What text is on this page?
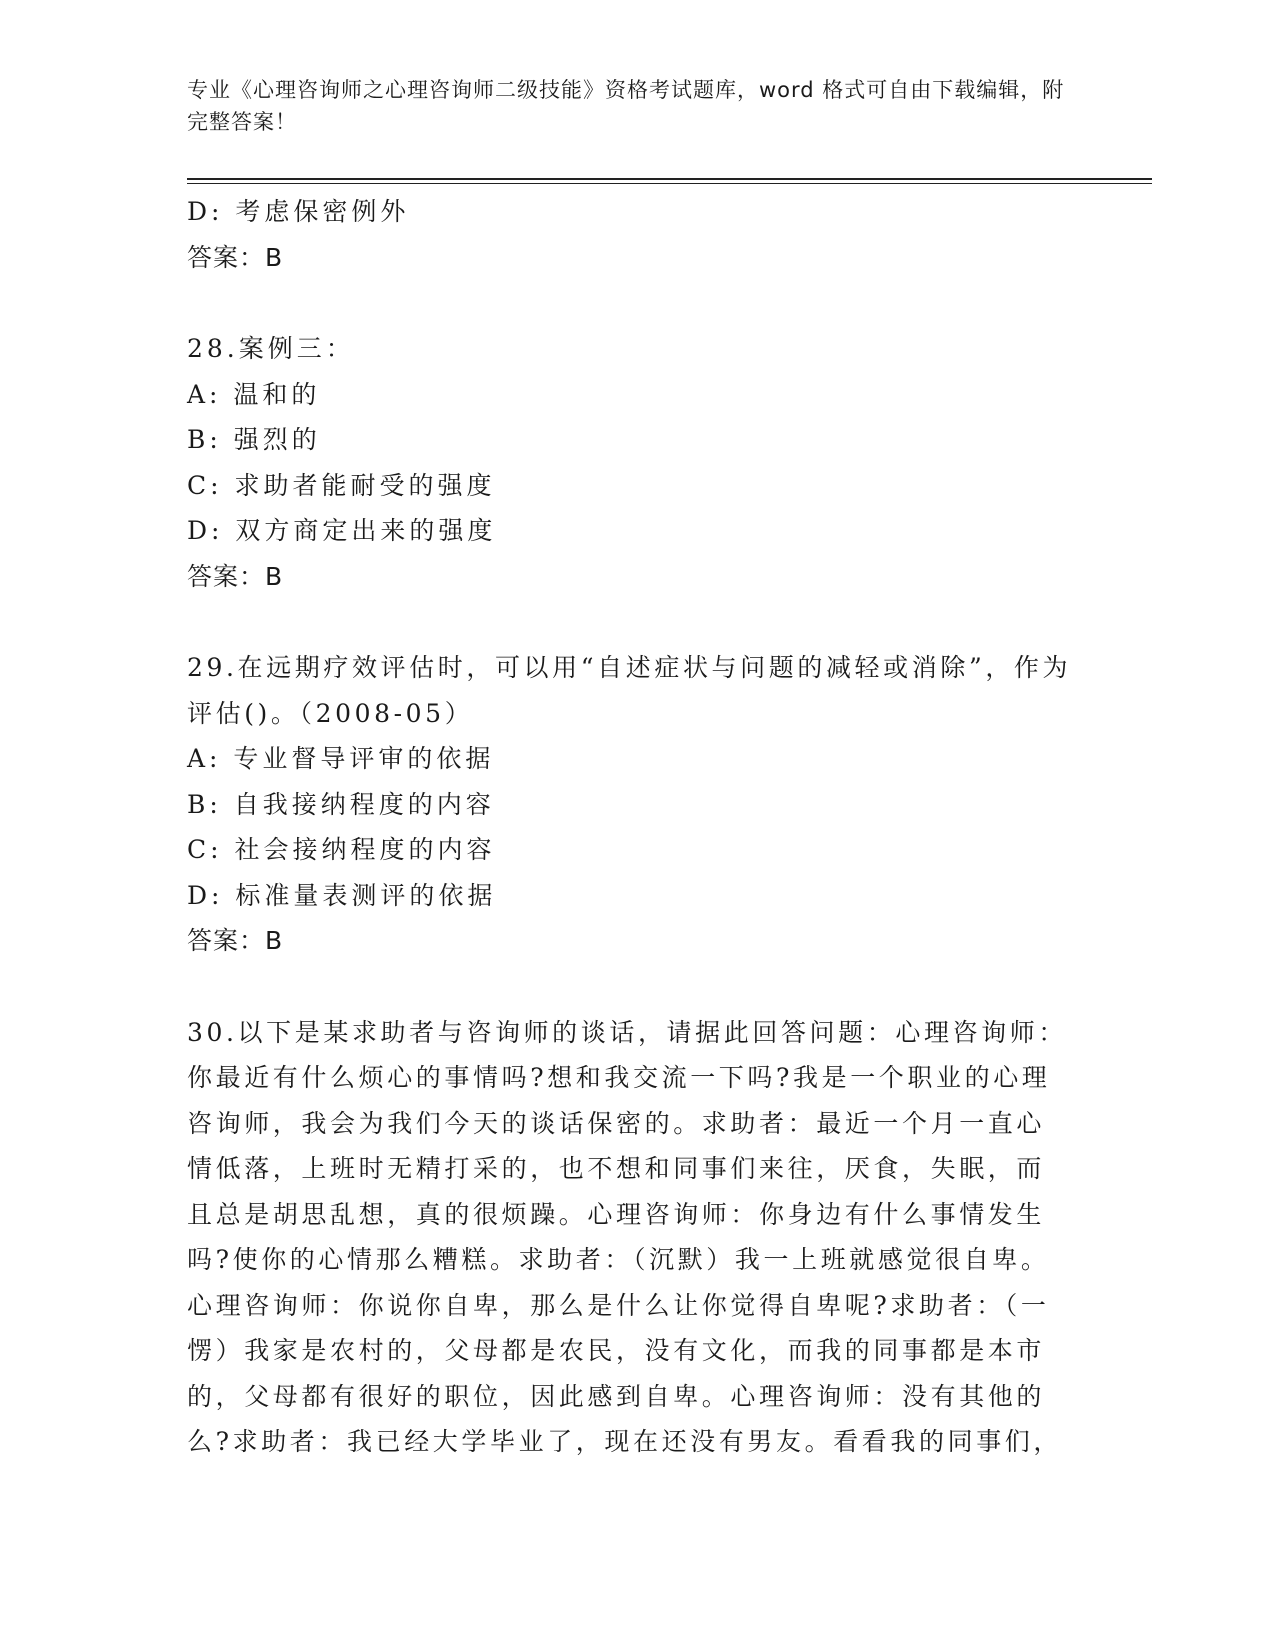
专业《心理咨询师之心理咨询师二级技能》资格考试题库，word 格式可自由下载编辑，附完整答案！
D: 考虑保密例外
答案：B
28.案例三：
A: 温和的
B: 强烈的
C: 求助者能耐受的强度
D: 双方商定出来的强度
答案：B
29.在远期疗效评估时，可以用“自述症状与问题的减轻或消除”，作为评估()。（2008-05）
A: 专业督导评审的依据
B: 自我接纳程度的内容
C: 社会接纳程度的内容
D: 标准量表测评的依据
答案：B
30.以下是某求助者与咨询师的谈话，请据此回答问题：心理咨询师：你最近有什么烦心的事情吗?想和我交流一下吗?我是一个职业的心理咨询师，我会为我们今天的谈话保密的。求助者：最近一个月一直心情低落，上班时无精打采的，也不想和同事们来往，厌食，失眠，而且总是胡思乱想，真的很烦躁。心理咨询师：你身边有什么事情发生吗?使你的心情那么糟糕。求助者：（沉默）我一上班就感觉很自卑。心理咨询师：你说你自卑，那么是什么让你觉得自卑呢?求助者：（一愣）我家是农村的，父母都是农民，没有文化，而我的同事都是本市的，父母都有很好的职位，因此感到自卑。心理咨询师：没有其他的么?求助者：我已经大学毕业了，现在还没有男友。看看我的同事们，
